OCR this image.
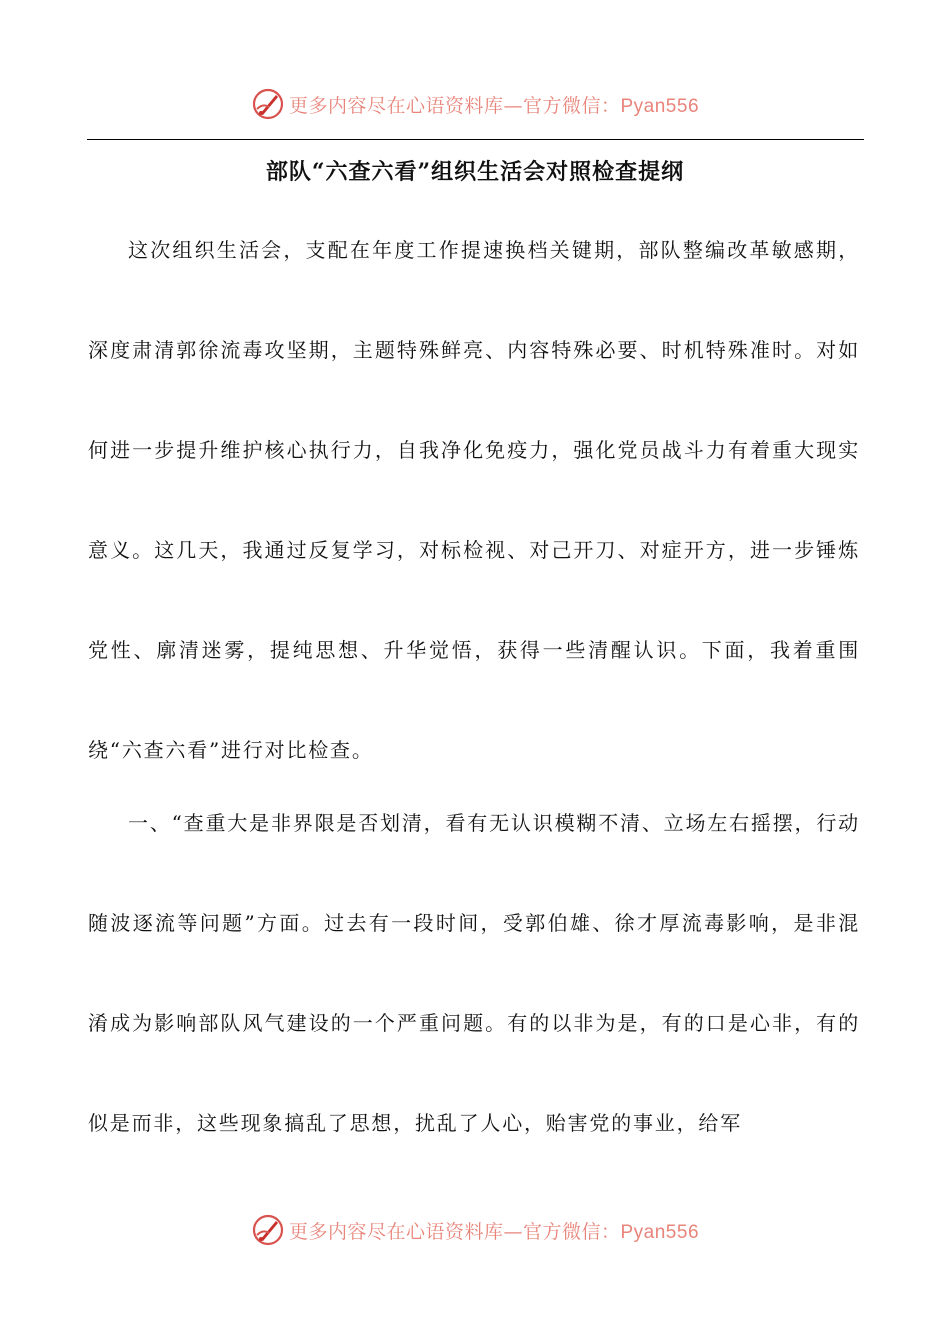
更多内容尽在心语资料库—官方微信：Pyan556
部队“六查六看”组织生活会对照检查提纲

这次组织生活会，支配在年度工作提速换档关键期，部队整编改革敏感期，深度肃清郭徐流毒攻坚期，主题特殊鲜亮、内容特殊必要、时机特殊准时。对如何进一步提升维护核心执行力，自我净化免疫力，强化党员战斗力有着重大现实意义。这几天，我通过反复学习，对标检视、对己开刀、对症开方，进一步锤炼党性、廓清迷雾，提纯思想、升华觉悟，获得一些清醒认识。下面，我着重围绕“六查六看”进行对比检查。

一、“查重大是非界限是否划清，看有无认识模糊不清、立场左右摇摆，行动随波逐流等问题”方面。过去有一段时间，受郭伯雄、徐才厚流毒影响，是非混淆成为影响部队风气建设的一个严重问题。有的以非为是，有的口是心非，有的似是而非，这些现象搞乱了思想，扰乱了人心，贻害党的事业，给军

更多内容尽在心语资料库—官方微信：Pyan556
